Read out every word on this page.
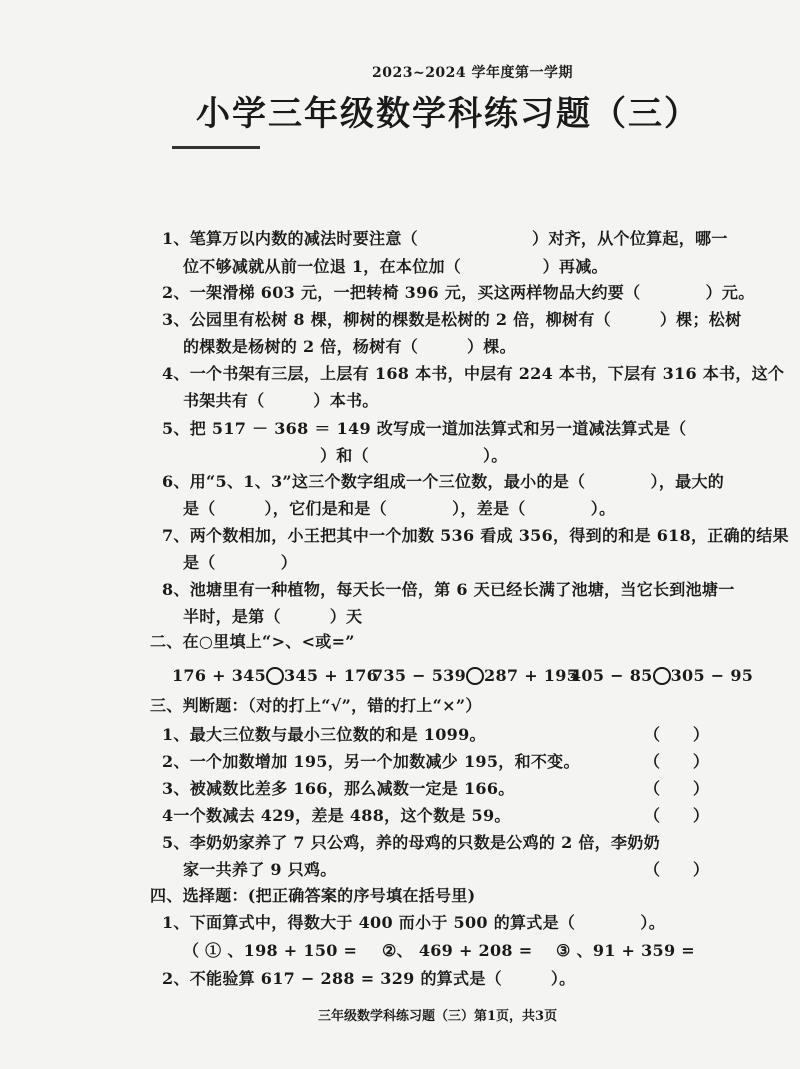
2023~2024 学年度第一学期
小学三年级数学科练习题（三）
1、笔算万以内数的减法时要注意（　　　　　　　）对齐，从个位算起，哪一
位不够减就从前一位退 1，在本位加（　　　　　）再减。
2、一架滑梯 603 元，一把转椅 396 元，买这两样物品大约要（　　　　）元。
3、公园里有松树 8 棵，柳树的棵数是松树的 2 倍，柳树有（　　　）棵；松树
的棵数是杨树的 2 倍，杨树有（　　　）棵。
4、一个书架有三层，上层有 168 本书，中层有 224 本书，下层有 316 本书，这个
书架共有（　　　）本书。
5、把 517 － 368 ＝ 149 改写成一道加法算式和另一道减法算式是（
）和（　　　　　　　）。
6、用“5、1、3”这三个数字组成一个三位数，最小的是（　　　　），最大的
是（　　　），它们是和是（　　　　），差是（　　　　）。
7、两个数相加，小王把其中一个加数 536 看成 356，得到的和是 618，正确的结果
是（　　　　）
8、池塘里有一种植物，每天长一倍，第 6 天已经长满了池塘，当它长到池塘一
半时，是第（　　　）天
二、在○里填上“>、<或=”
176 + 345 345 + 176
735 − 539 287 + 195
405 − 85 305 − 95
三、判断题：（对的打上“√”，错的打上“×”）
1、最大三位数与最小三位数的和是 1099。	（　　）
2、一个加数增加 195，另一个加数减少 195，和不变。	（　　）
3、被减数比差多 166，那么减数一定是 166。	（　　）
4一个数减去 429，差是 488，这个数是 59。	（　　）
5、李奶奶家养了 7 只公鸡，养的母鸡的只数是公鸡的 2 倍，李奶奶
家一共养了 9 只鸡。	（　　）
四、选择题：(把正确答案的序号填在括号里)
1、下面算式中，得数大于 400 而小于 500 的算式是（　　　　）。
（ ① 、198 + 150 = ②、 469 + 208 = ③ 、91 + 359 =
2、不能验算 617 − 288 = 329 的算式是（　　　）。
三年级数学科练习题（三）第1页，共3页
